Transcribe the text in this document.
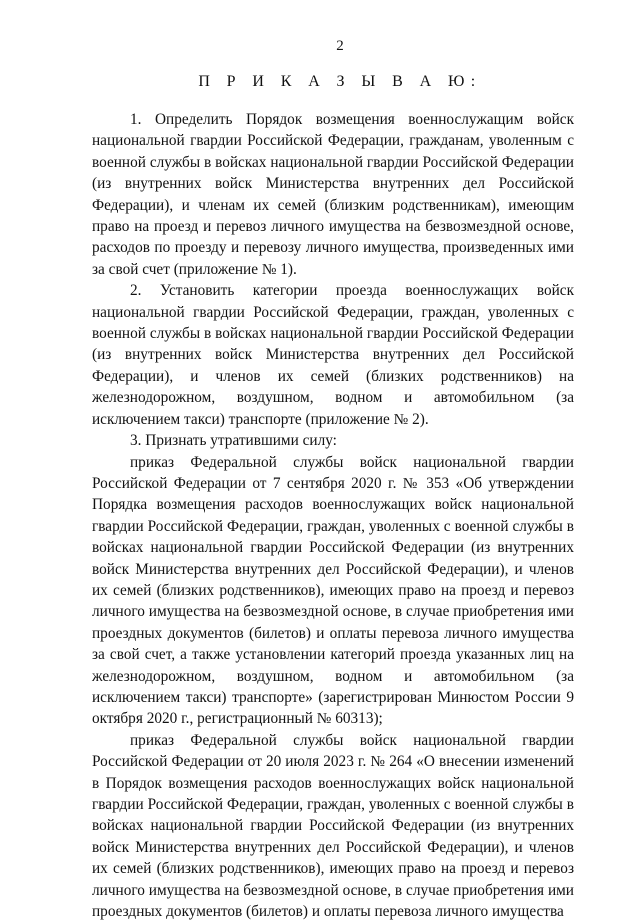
2
П Р И К А З Ы В А Ю:

1. Определить Порядок возмещения военнослужащим войск национальной гвардии Российской Федерации, гражданам, уволенным с военной службы в войсках национальной гвардии Российской Федерации (из внутренних войск Министерства внутренних дел Российской Федерации), и членам их семей (близким родственникам), имеющим право на проезд и перевоз личного имущества на безвозмездной основе, расходов по проезду и перевозу личного имущества, произведенных ими за свой счет (приложение № 1).

2. Установить категории проезда военнослужащих войск национальной гвардии Российской Федерации, граждан, уволенных с военной службы в войсках национальной гвардии Российской Федерации (из внутренних войск Министерства внутренних дел Российской Федерации), и членов их семей (близких родственников) на железнодорожном, воздушном, водном и автомобильном (за исключением такси) транспорте (приложение № 2).

3. Признать утратившими силу:

приказ Федеральной службы войск национальной гвардии Российской Федерации от 7 сентября 2020 г. № 353 «Об утверждении Порядка возмещения расходов военнослужащих войск национальной гвардии Российской Федерации, граждан, уволенных с военной службы в войсках национальной гвардии Российской Федерации (из внутренних войск Министерства внутренних дел Российской Федерации), и членов их семей (близких родственников), имеющих право на проезд и перевоз личного имущества на безвозмездной основе, в случае приобретения ими проездных документов (билетов) и оплаты перевоза личного имущества за свой счет, а также установлении категорий проезда указанных лиц на железнодорожном, воздушном, водном и автомобильном (за исключением такси) транспорте» (зарегистрирован Минюстом России 9 октября 2020 г., регистрационный № 60313);

приказ Федеральной службы войск национальной гвардии Российской Федерации от 20 июля 2023 г. № 264 «О внесении изменений в Порядок возмещения расходов военнослужащих войск национальной гвардии Российской Федерации, граждан, уволенных с военной службы в войсках национальной гвардии Российской Федерации (из внутренних войск Министерства внутренних дел Российской Федерации), и членов их семей (близких родственников), имеющих право на проезд и перевоз личного имущества на безвозмездной основе, в случае приобретения ими проездных документов (билетов) и оплаты перевоза личного имущества
